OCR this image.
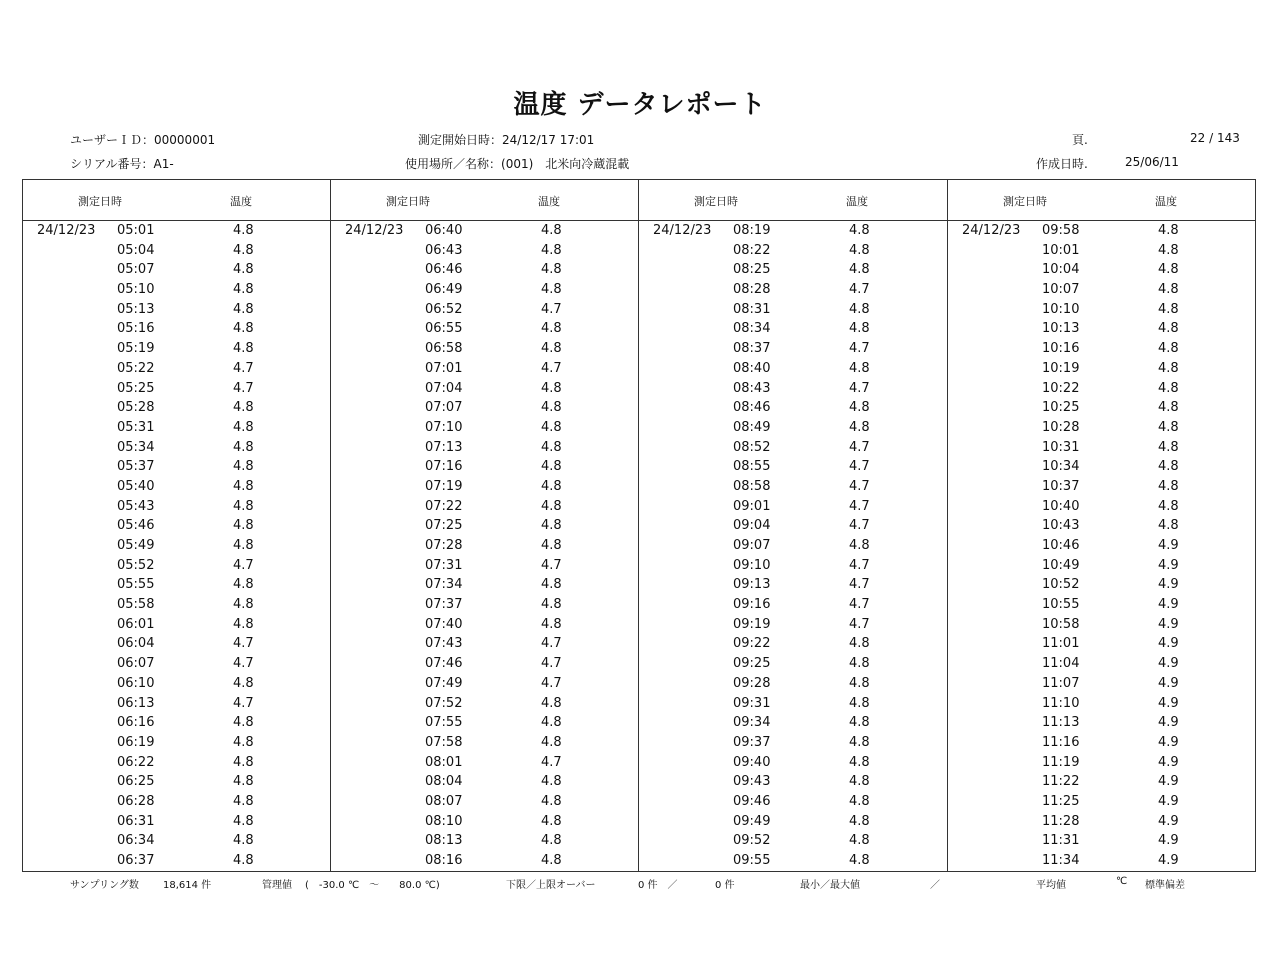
温度 データレポート
ユーザーＩＤ：00000001
シリアル番号：A1-
測定開始日時：24/12/17 17:01
使用場所／名称：(001)　北米向冷蔵混載
頁.	22 / 143
作成日時.	25/06/11
測定日時	温度
24/12/23 05:01	4.8
05:04	4.8
05:07	4.8
05:10	4.8
05:13	4.8
05:16	4.8
05:19	4.8
05:22	4.7
05:25	4.7
05:28	4.8
05:31	4.8
05:34	4.8
05:37	4.8
05:40	4.8
05:43	4.8
05:46	4.8
05:49	4.8
05:52	4.7
05:55	4.8
05:58	4.8
06:01	4.8
06:04	4.7
06:07	4.7
06:10	4.8
06:13	4.7
06:16	4.8
06:19	4.8
06:22	4.8
06:25	4.8
06:28	4.8
06:31	4.8
06:34	4.8
06:37	4.8
測定日時	温度
24/12/23 06:40	4.8
06:43	4.8
06:46	4.8
06:49	4.8
06:52	4.7
06:55	4.8
06:58	4.8
07:01	4.7
07:04	4.8
07:07	4.8
07:10	4.8
07:13	4.8
07:16	4.8
07:19	4.8
07:22	4.8
07:25	4.8
07:28	4.8
07:31	4.7
07:34	4.8
07:37	4.8
07:40	4.8
07:43	4.7
07:46	4.7
07:49	4.7
07:52	4.8
07:55	4.8
07:58	4.8
08:01	4.7
08:04	4.8
08:07	4.8
08:10	4.8
08:13	4.8
08:16	4.8
測定日時	温度
24/12/23 08:19	4.8
08:22	4.8
08:25	4.8
08:28	4.7
08:31	4.8
08:34	4.8
08:37	4.7
08:40	4.8
08:43	4.7
08:46	4.8
08:49	4.8
08:52	4.7
08:55	4.7
08:58	4.7
09:01	4.7
09:04	4.7
09:07	4.8
09:10	4.7
09:13	4.7
09:16	4.7
09:19	4.7
09:22	4.8
09:25	4.8
09:28	4.8
09:31	4.8
09:34	4.8
09:37	4.8
09:40	4.8
09:43	4.8
09:46	4.8
09:49	4.8
09:52	4.8
09:55	4.8
測定日時	温度
24/12/23 09:58	4.8
10:01	4.8
10:04	4.8
10:07	4.8
10:10	4.8
10:13	4.8
10:16	4.8
10:19	4.8
10:22	4.8
10:25	4.8
10:28	4.8
10:31	4.8
10:34	4.8
10:37	4.8
10:40	4.8
10:43	4.8
10:46	4.9
10:49	4.9
10:52	4.9
10:55	4.9
10:58	4.9
11:01	4.9
11:04	4.9
11:07	4.9
11:10	4.9
11:13	4.9
11:16	4.9
11:19	4.9
11:22	4.9
11:25	4.9
11:28	4.9
11:31	4.9
11:34	4.9
サンプリング数 18,614 件	管理値 (　-30.0 ℃　～　　80.0 ℃)	下限／上限オーバー	0 件　／	0 件	最小／最大値	／	平均値	℃ 標準偏差
